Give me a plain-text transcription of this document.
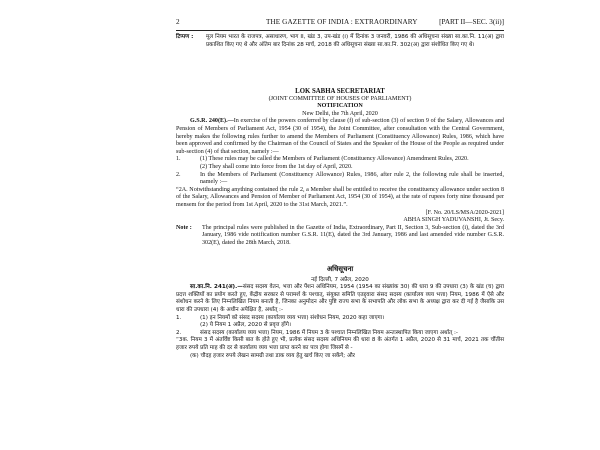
2	THE GAZETTE OF INDIA : EXTRAORDINARY	[PART II—SEC. 3(ii)]
टिप्पण :	मूल नियम भारत के राजपत्र, असाधारण, भाग II, खंड 3, उप-खंड (i) में दिनांक 3 जनवरी, 1986 की अधिसूचना संख्या सा.का.नि. 11(अ) द्वारा प्रकाशित किए गए थे और अंतिम बार दिनांक 28 मार्च, 2018 की अधिसूचना संख्या सा.का.नि. 302(अ) द्वारा संशोधित किए गए थे।

LOK SABHA SECRETARIAT

(JOINT COMMITTEE OF HOUSES OF PARLIAMENT)

NOTIFICATION

New Delhi, the 7th April, 2020

G.S.R. 240(E).—In exercise of the powers conferred by clause (f) of sub-section (3) of section 9 of the Salary, Allowances and Pension of Members of Parliament Act, 1954 (30 of 1954), the Joint Committee, after consultation with the Central Government, hereby makes the following rules further to amend the Members of Parliament (Constituency Allowance) Rules, 1986, which have been approved and confirmed by the Chairman of the Council of States and the Speaker of the House of the People as required under sub-section (4) of that section, namely :—

1.	(1) These rules may be called the Members of Parliament (Constituency Allowance) Amendment Rules, 2020.

(2) They shall come into force from the 1st day of April, 2020.

2.	In the Members of Parliament (Constituency Allowance) Rules, 1986, after rule 2, the following rule shall be inserted, namely :—

“2A. Notwithstanding anything contained the rule 2, a Member shall be entitled to receive the constituency allowance under section 8 of the Salary, Allowances and Pension of Member of Parliament Act, 1954 (30 of 1954), at the rate of rupees forty nine thousand per mensem for the period from 1st April, 2020 to the 31st March, 2021.”.

[F. No. 20/LS/MSA/2020-2021]

ABHA SINGH YADUVANSHI, Jt. Secy.

Note :	The principal rules were published in the Gazette of India, Extraordinary, Part II, Section 3, Sub-section (i), dated the 3rd January, 1986 vide notification number G.S.R. 11(E), dated the 3rd January, 1986 and last amended vide number G.S.R. 302(E), dated the 28th March, 2018.

अधिसूचना

नई दिल्ली, 7 अप्रैल, 2020

सा.का.नि. 241(अ).—संसद सदस्य वेतन, भत्ता और पेंशन अधिनियम, 1954 (1954 का संख्यांक 30) की धारा 9 की उपधारा (3) के खंड (च) द्वारा प्रदत्त शक्तियों का प्रयोग करते हुए, केंद्रीय सरकार से परामर्श के पश्चात्, संयुक्त समिति एतद्द्वारा संसद सदस्य (कार्यालय व्यय भत्ता) नियम, 1986 में ऐसे और संशोधन करने के लिए निम्नलिखित नियम बनाती है, जिनका अनुमोदन और पुष्टि राज्य सभा के सभापति और लोक सभा के अध्यक्ष द्वारा कर दी गई है जैसाकि उस धारा की उपधारा (4) के अधीन अपेक्षित है, अर्थात् :-

1.	(1) इन नियमों को संसद सदस्य (कार्यालय व्यय भत्ता) संशोधन नियम, 2020 कहा जाएगा।

(2) ये नियम 1 अप्रैल, 2020 से प्रवृत्त होंगे।

2.	संसद सदस्य (कार्यालय व्यय भत्ता) नियम, 1986 में नियम 3 के पश्चात निम्नलिखित नियम अन्तःस्थापित किया जाएगा अर्थात् :-

“3क. नियम 3 में अंतर्विष्ट किसी बात के होते हुए भी, प्रत्येक संसद सदस्य अधिनियम की धारा 8 के अंतर्गत 1 अप्रैल, 2020 से 31 मार्च, 2021 तक चौंतीस हजार रुपये प्रति माह की दर से कार्यालय व्यय भत्ता प्राप्त करने का पात्र होगा जिसमें से -

(क) चौदह हजार रुपये लेखन सामग्री तथा डाक व्यय हेतु खर्च किए जा सकेंगे; और
